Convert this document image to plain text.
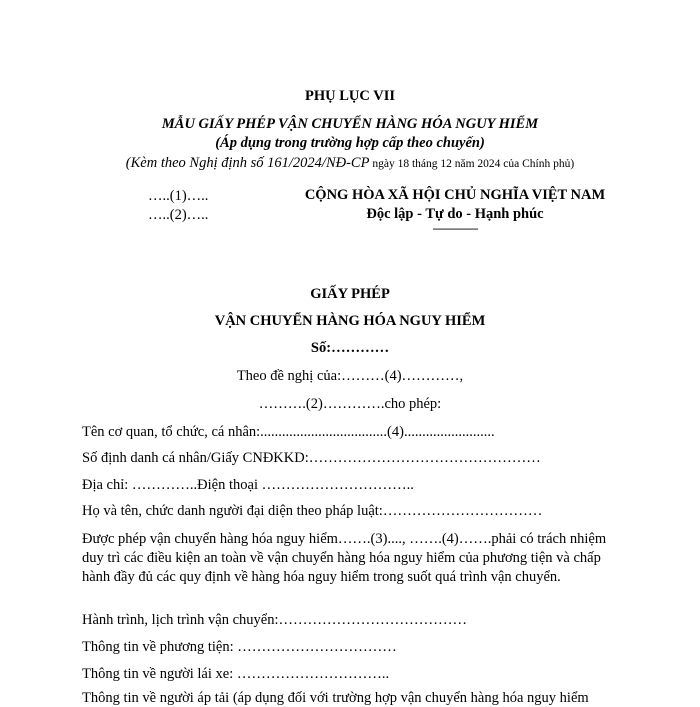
PHỤ LỤC VII
MẪU GIẤY PHÉP VẬN CHUYỂN HÀNG HÓA NGUY HIỂM
(Áp dụng trong trường hợp cấp theo chuyến)
(Kèm theo Nghị định số 161/2024/NĐ-CP ngày 18 tháng 12 năm 2024 của Chính phủ)
…..(1)…..
…..(2)…..
CỘNG HÒA XÃ HỘI CHỦ NGHĨA VIỆT NAM
Độc lập - Tự do - Hạnh phúc
---------------
GIẤY PHÉP
VẬN CHUYỂN HÀNG HÓA NGUY HIỂM
Số:…………
Theo đề nghị của:………(4)…………,
……….(2)………….cho phép:
Tên cơ quan, tổ chức, cá nhân:...................................(4).........................
Số định danh cá nhân/Giấy CNĐKKD:…………………………………………
Địa chỉ: …………..Điện thoại …………………………..
Họ và tên, chức danh người đại diện theo pháp luật:……………………………
Được phép vận chuyển hàng hóa nguy hiểm…….(3)...., …….(4)…….phải có trách nhiệm duy trì các điều kiện an toàn về vận chuyển hàng hóa nguy hiểm của phương tiện và chấp hành đầy đủ các quy định về hàng hóa nguy hiểm trong suốt quá trình vận chuyển.
Hành trình, lịch trình vận chuyển:…………………………………
Thông tin về phương tiện: ……………………………
Thông tin về người lái xe: …………………………..
Thông tin về người áp tải (áp dụng đối với trường hợp vận chuyển hàng hóa nguy hiểm
